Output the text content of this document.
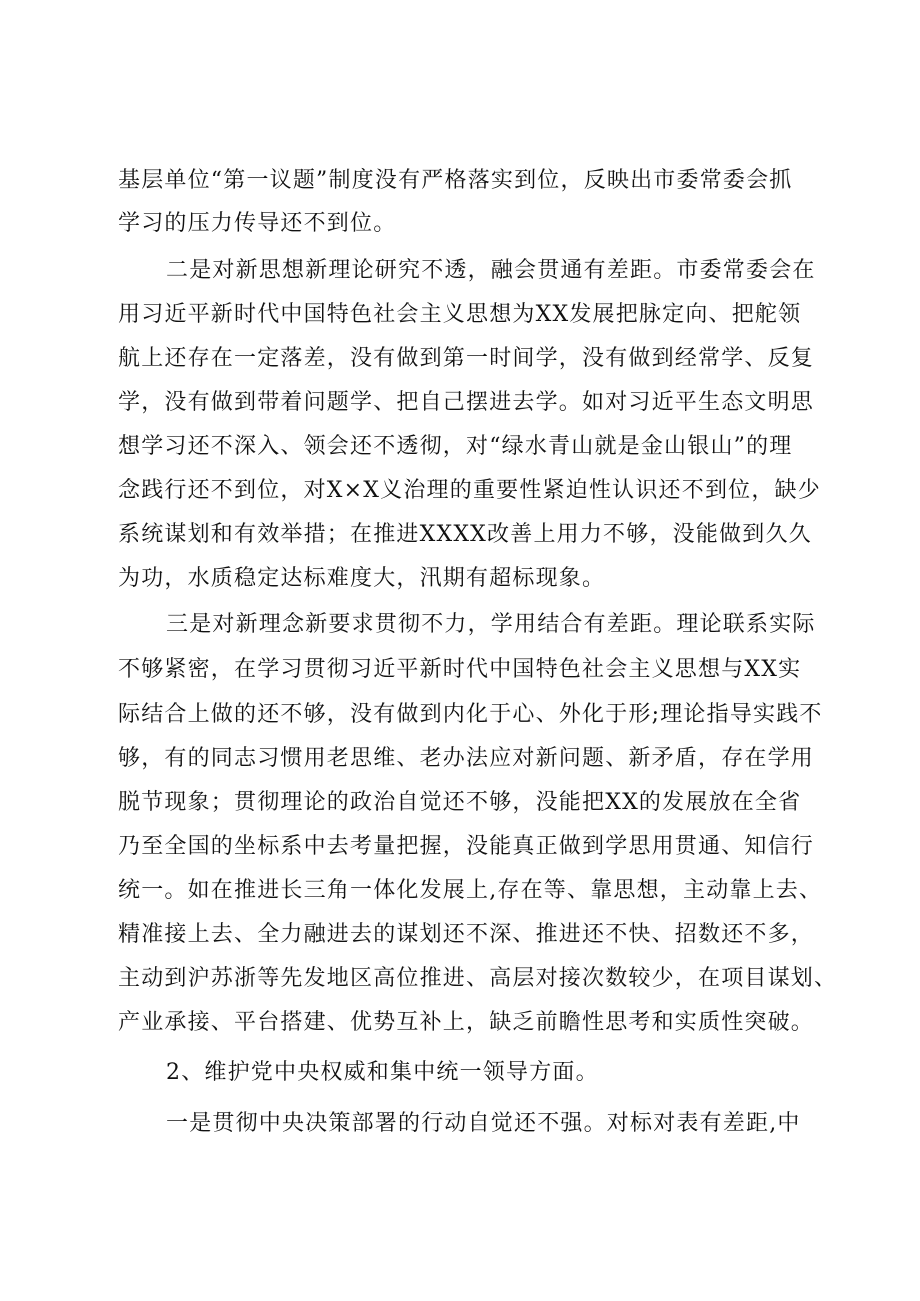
基层单位“第一议题”制度没有严格落实到位，反映出市委常委会抓
学习的压力传导还不到位。
二是对新思想新理论研究不透，融会贯通有差距。市委常委会在
用习近平新时代中国特色社会主义思想为XX发展把脉定向、把舵领
航上还存在一定落差，没有做到第一时间学，没有做到经常学、反复
学，没有做到带着问题学、把自己摆进去学。如对习近平生态文明思
想学习还不深入、领会还不透彻，对“绿水青山就是金山银山”的理
念践行还不到位，对X×X义治理的重要性紧迫性认识还不到位，缺少
系统谋划和有效举措；在推进XXXX改善上用力不够，没能做到久久
为功，水质稳定达标难度大，汛期有超标现象。
三是对新理念新要求贯彻不力，学用结合有差距。理论联系实际
不够紧密，在学习贯彻习近平新时代中国特色社会主义思想与XX实
际结合上做的还不够，没有做到内化于心、外化于形;理论指导实践不
够，有的同志习惯用老思维、老办法应对新问题、新矛盾，存在学用
脱节现象；贯彻理论的政治自觉还不够，没能把XX的发展放在全省
乃至全国的坐标系中去考量把握，没能真正做到学思用贯通、知信行
统一。如在推进长三角一体化发展上,存在等、靠思想，主动靠上去、
精准接上去、全力融进去的谋划还不深、推进还不快、招数还不多，
主动到沪苏浙等先发地区高位推进、高层对接次数较少，在项目谋划、
产业承接、平台搭建、优势互补上，缺乏前瞻性思考和实质性突破。
2、维护党中央权威和集中统一领导方面。
一是贯彻中央决策部署的行动自觉还不强。对标对表有差距,中
